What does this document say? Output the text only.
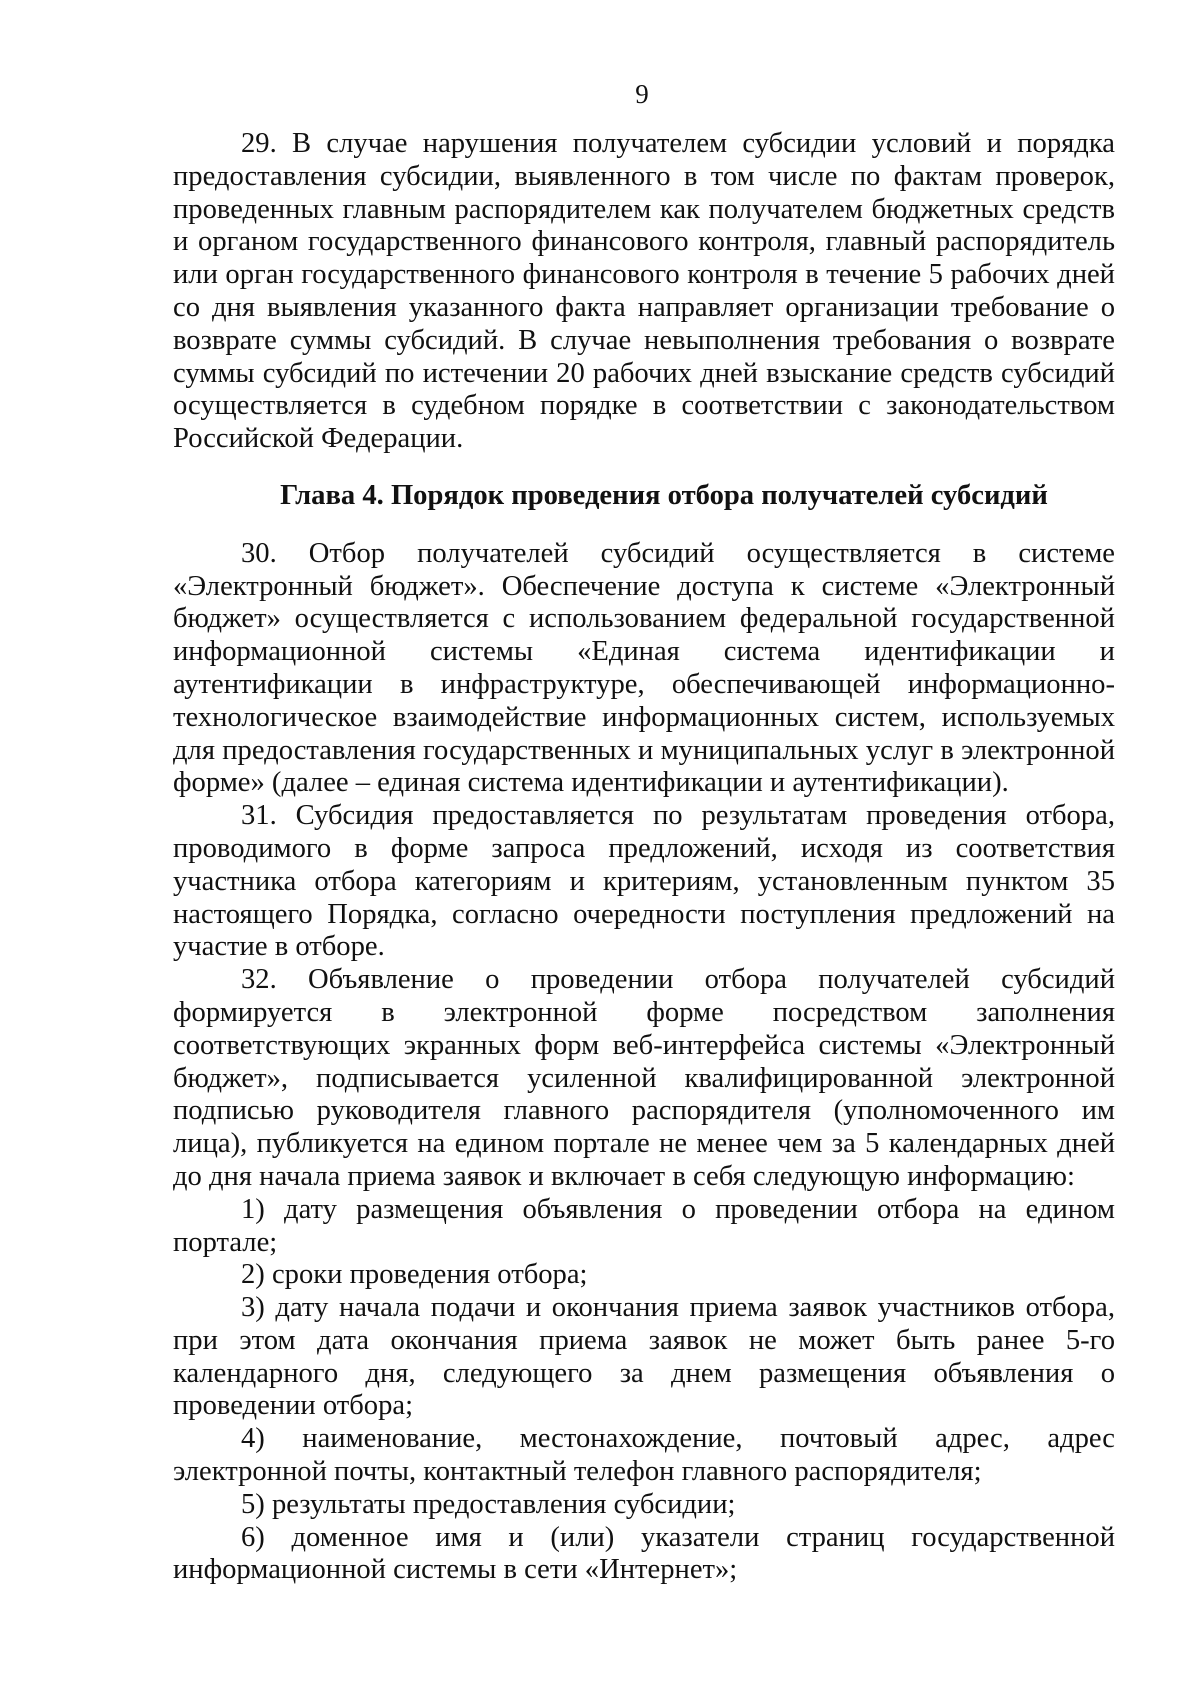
9

29. В случае нарушения получателем субсидии условий и порядка предоставления субсидии, выявленного в том числе по фактам проверок, проведенных главным распорядителем как получателем бюджетных средств и органом государственного финансового контроля, главный распорядитель или орган государственного финансового контроля в течение 5 рабочих дней со дня выявления указанного факта направляет организации требование о возврате суммы субсидий. В случае невыполнения требования о возврате суммы субсидий по истечении 20 рабочих дней взыскание средств субсидий осуществляется в судебном порядке в соответствии с законодательством Российской Федерации.

Глава 4. Порядок проведения отбора получателей субсидий

30. Отбор получателей субсидий осуществляется в системе «Электронный бюджет». Обеспечение доступа к системе «Электронный бюджет» осуществляется с использованием федеральной государственной информационной системы «Единая система идентификации и аутентификации в инфраструктуре, обеспечивающей информационно-технологическое взаимодействие информационных систем, используемых для предоставления государственных и муниципальных услуг в электронной форме» (далее – единая система идентификации и аутентификации).

31. Субсидия предоставляется по результатам проведения отбора, проводимого в форме запроса предложений, исходя из соответствия участника отбора категориям и критериям, установленным пунктом 35 настоящего Порядка, согласно очередности поступления предложений на участие в отборе.

32. Объявление о проведении отбора получателей субсидий формируется в электронной форме посредством заполнения соответствующих экранных форм веб-интерфейса системы «Электронный бюджет», подписывается усиленной квалифицированной электронной подписью руководителя главного распорядителя (уполномоченного им лица), публикуется на едином портале не менее чем за 5 календарных дней до дня начала приема заявок и включает в себя следующую информацию:

1) дату размещения объявления о проведении отбора на едином портале;

2) сроки проведения отбора;

3) дату начала подачи и окончания приема заявок участников отбора, при этом дата окончания приема заявок не может быть ранее 5-го календарного дня, следующего за днем размещения объявления о проведении отбора;

4) наименование, местонахождение, почтовый адрес, адрес электронной почты, контактный телефон главного распорядителя;

5) результаты предоставления субсидии;

6) доменное имя и (или) указатели страниц государственной информационной системы в сети «Интернет»;
